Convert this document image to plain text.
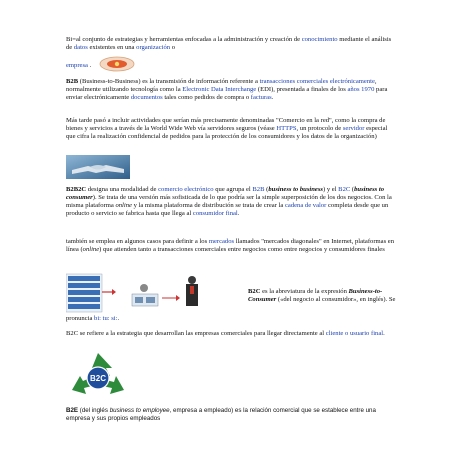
Bi=al conjunto de estrategias y herramientas enfocadas a la administración y creación de conocimiento mediante el análisis de datos existentes en una organización o

empresa .

B2B (Business-to-Business) es la transmisión de información referente a transacciones comerciales electrónicamente, normalmente utilizando tecnología como la Electronic Data Interchange (EDI), presentada a finales de los años 1970 para enviar electrónicamente documentos tales como pedidos de compra o facturas.

Más tarde pasó a incluir actividades que serían más precisamente denominadas "Comercio en la red", como la compra de bienes y servicios a través de la World Wide Web vía servidores seguros (véase HTTPS, un protocolo de servidor especial que cifra la realización confidencial de pedidos para la protección de los consumidores y los datos de la organización)

B2B2C designa una modalidad de comercio electrónico que agrupa el B2B (business to business) y el B2C (business to consumer). Se trata de una versión más sofisticada de lo que podría ser la simple superposición de los dos negocios. Con la misma plataforma online y la misma plataforma de distribución se trata de crear la cadena de valor completa desde que un producto o servicio se fabrica hasta que llega al consumidor final.

también se emplea en algunos casos para definir a los mercados llamados "mercados diagonales" en Internet, plataformas en línea (online) que atienden tanto a transacciones comerciales entre negocios como entre negocios y consumidores finales

B2C es la abreviatura de la expresión Business-to-Consumer («del negocio al consumidor», en inglés). Se

pronuncia bi: tu: si:.

B2C se refiere a la estrategia que desarrollan las empresas comerciales para llegar directamente al cliente o usuario final.

B2C

B2E (del inglés business to employee, empresa a empleado) es la relación comercial que se establece entre una empresa y sus propios empleados
